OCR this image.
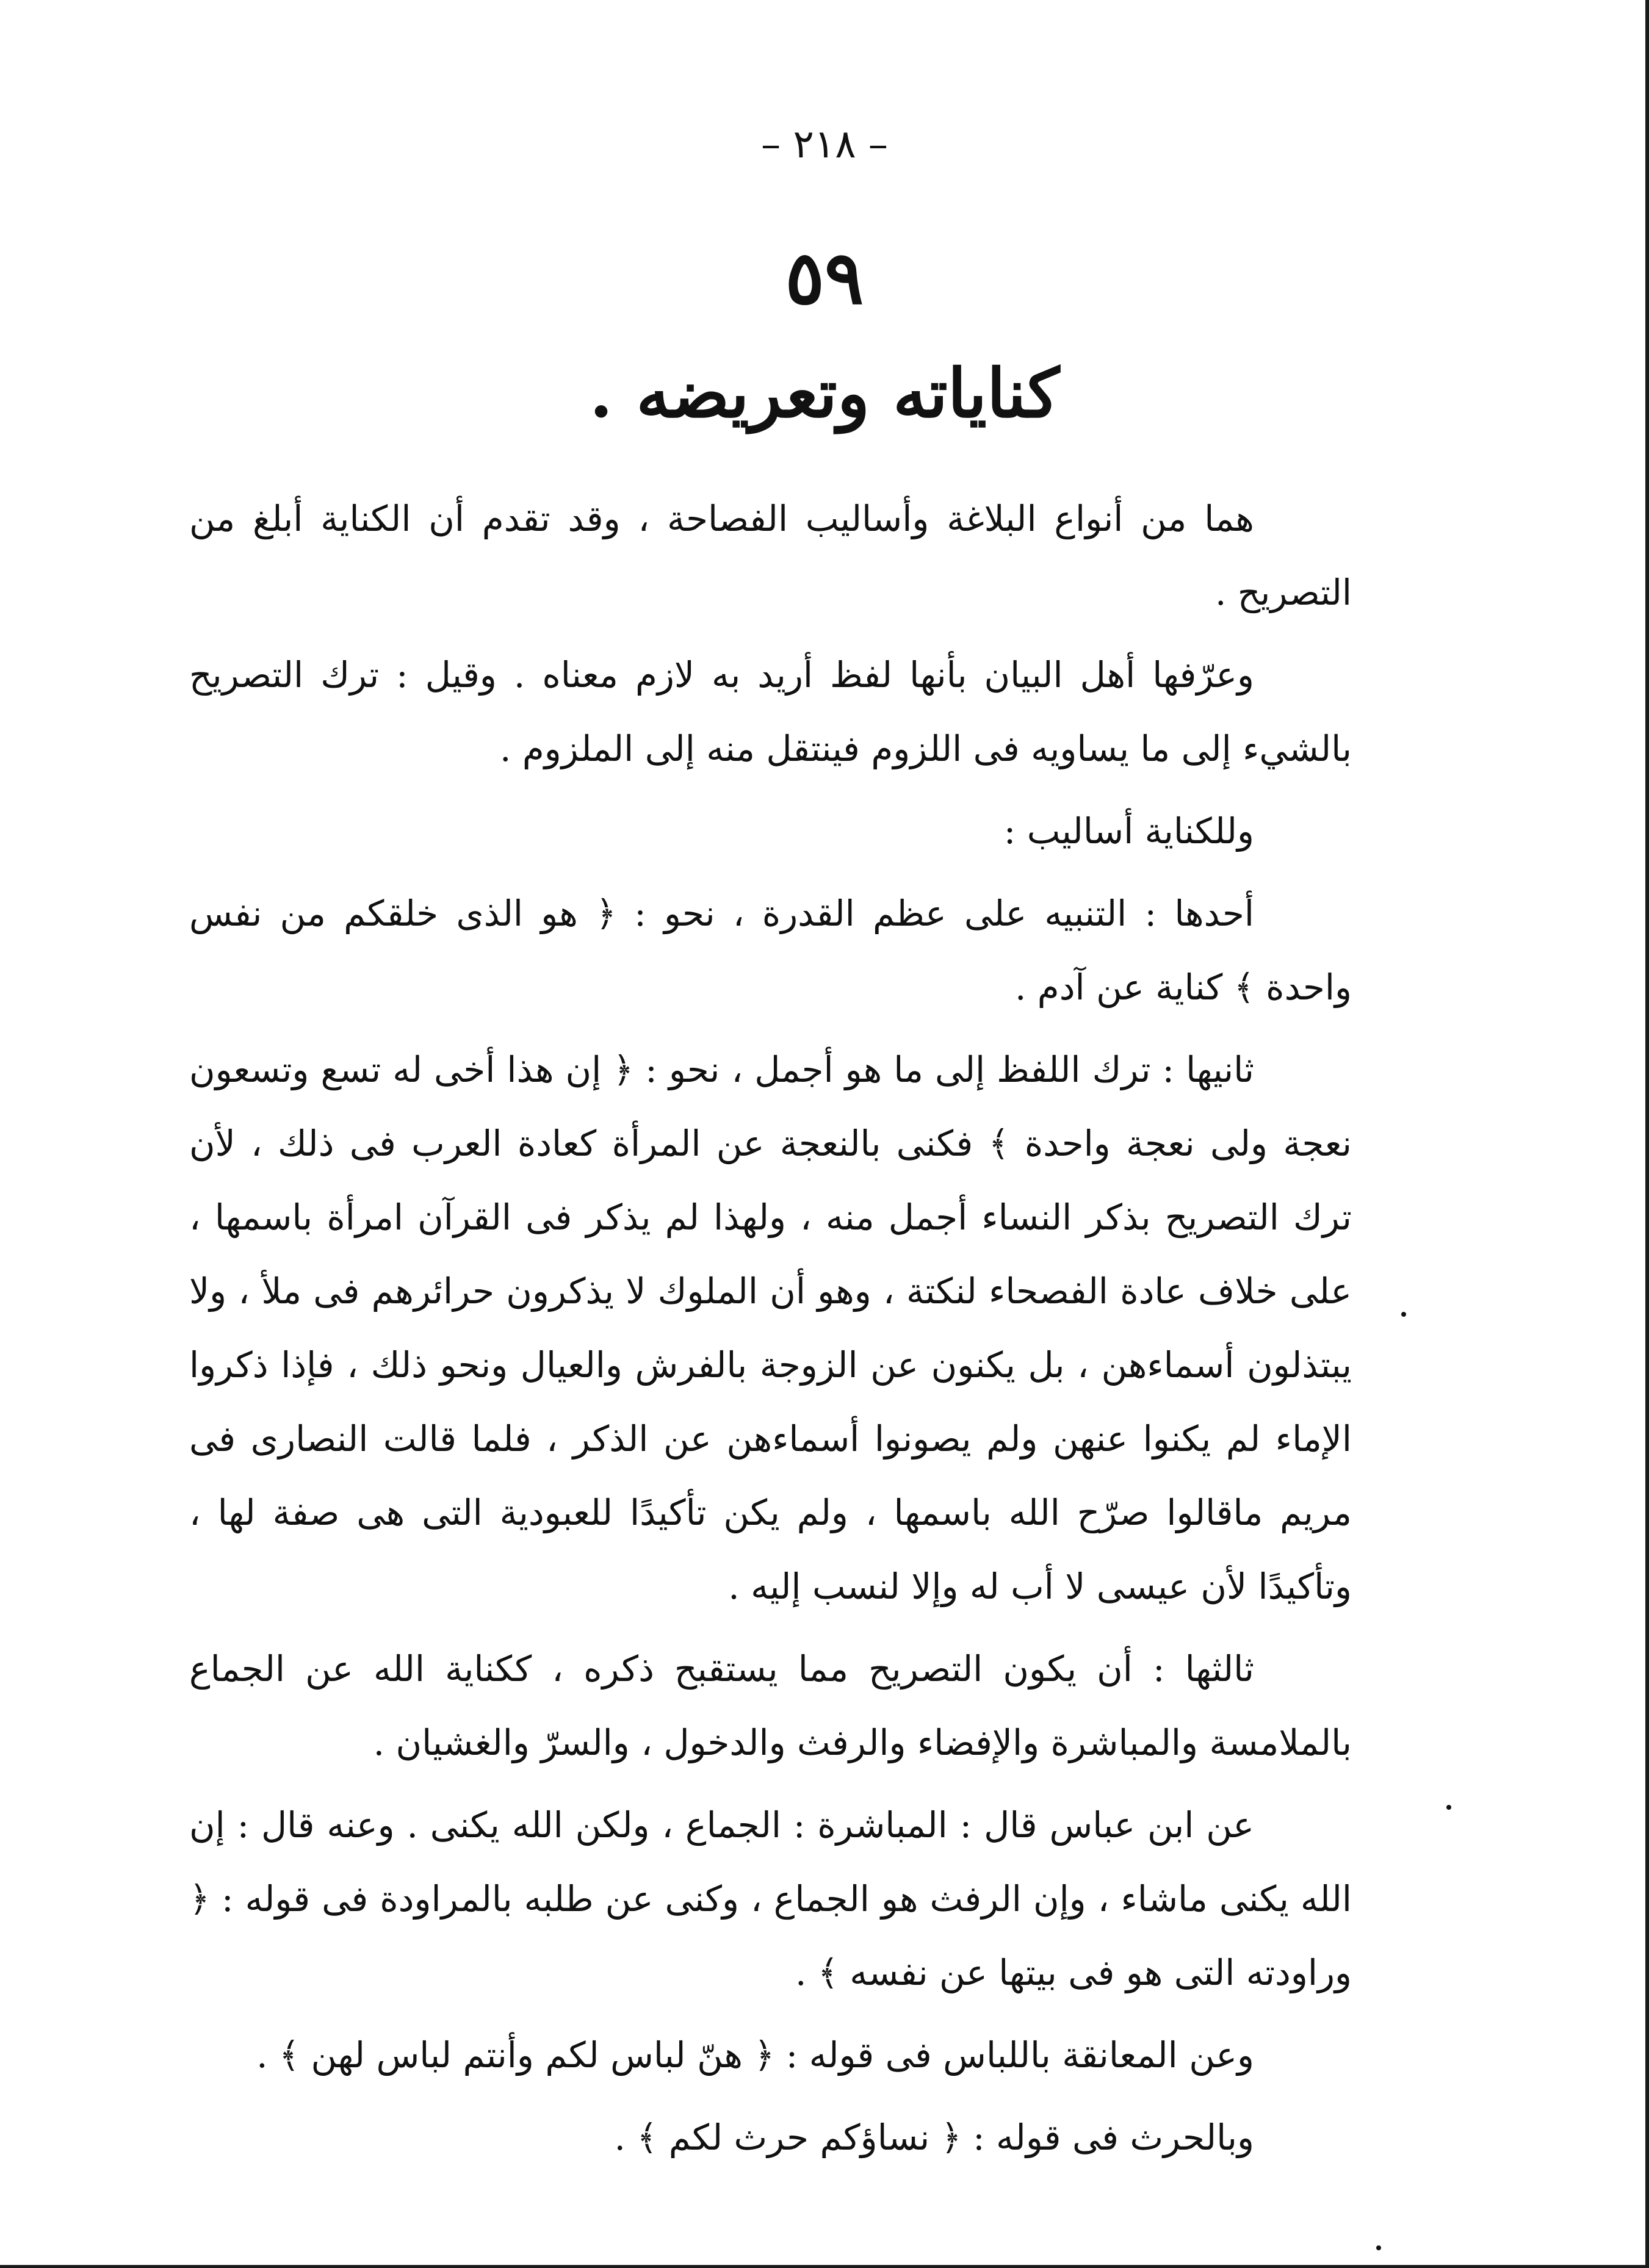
– ٢١٨ –
٥٩
كناياته وتعريضه .

هما من أنواع البلاغة وأساليب الفصاحة ، وقد تقدم أن الكناية أبلغ من التصريح .

وعرّفها أهل البيان بأنها لفظ أريد به لازم معناه . وقيل : ترك التصريح بالشيء إلى ما يساويه فى اللزوم فينتقل منه إلى الملزوم .

وللكناية أساليب :

أحدها : التنبيه على عظم القدرة ، نحو : ﴿ هو الذى خلقكم من نفس واحدة ﴾ كناية عن آدم .

ثانيها : ترك اللفظ إلى ما هو أجمل ، نحو : ﴿ إن هذا أخى له تسع وتسعون نعجة ولى نعجة واحدة ﴾ فكنى بالنعجة عن المرأة كعادة العرب فى ذلك ، لأن ترك التصريح بذكر النساء أجمل منه ، ولهذا لم يذكر فى القرآن امرأة باسمها ، على خلاف عادة الفصحاء لنكتة ، وهو أن الملوك لا يذكرون حرائرهم فى ملأ ، ولا يبتذلون أسماءهن ، بل يكنون عن الزوجة بالفرش والعيال ونحو ذلك ، فإذا ذكروا الإماء لم يكنوا عنهن ولم يصونوا أسماءهن عن الذكر ، فلما قالت النصارى فى مريم ماقالوا صرّح الله باسمها ، ولم يكن تأكيدًا للعبودية التى هى صفة لها ، وتأكيدًا لأن عيسى لا أب له وإلا لنسب إليه .

ثالثها : أن يكون التصريح مما يستقبح ذكره ، ككناية الله عن الجماع بالملامسة والمباشرة والإفضاء والرفث والدخول ، والسرّ والغشيان .

عن ابن عباس قال : المباشرة : الجماع ، ولكن الله يكنى . وعنه قال : إن الله يكنى ماشاء ، وإن الرفث هو الجماع ، وكنى عن طلبه بالمراودة فى قوله : ﴿ وراودته التى هو فى بيتها عن نفسه ﴾ .

وعن المعانقة باللباس فى قوله : ﴿ هنّ لباس لكم وأنتم لباس لهن ﴾ .

وبالحرث فى قوله : ﴿ نساؤكم حرث لكم ﴾ .
